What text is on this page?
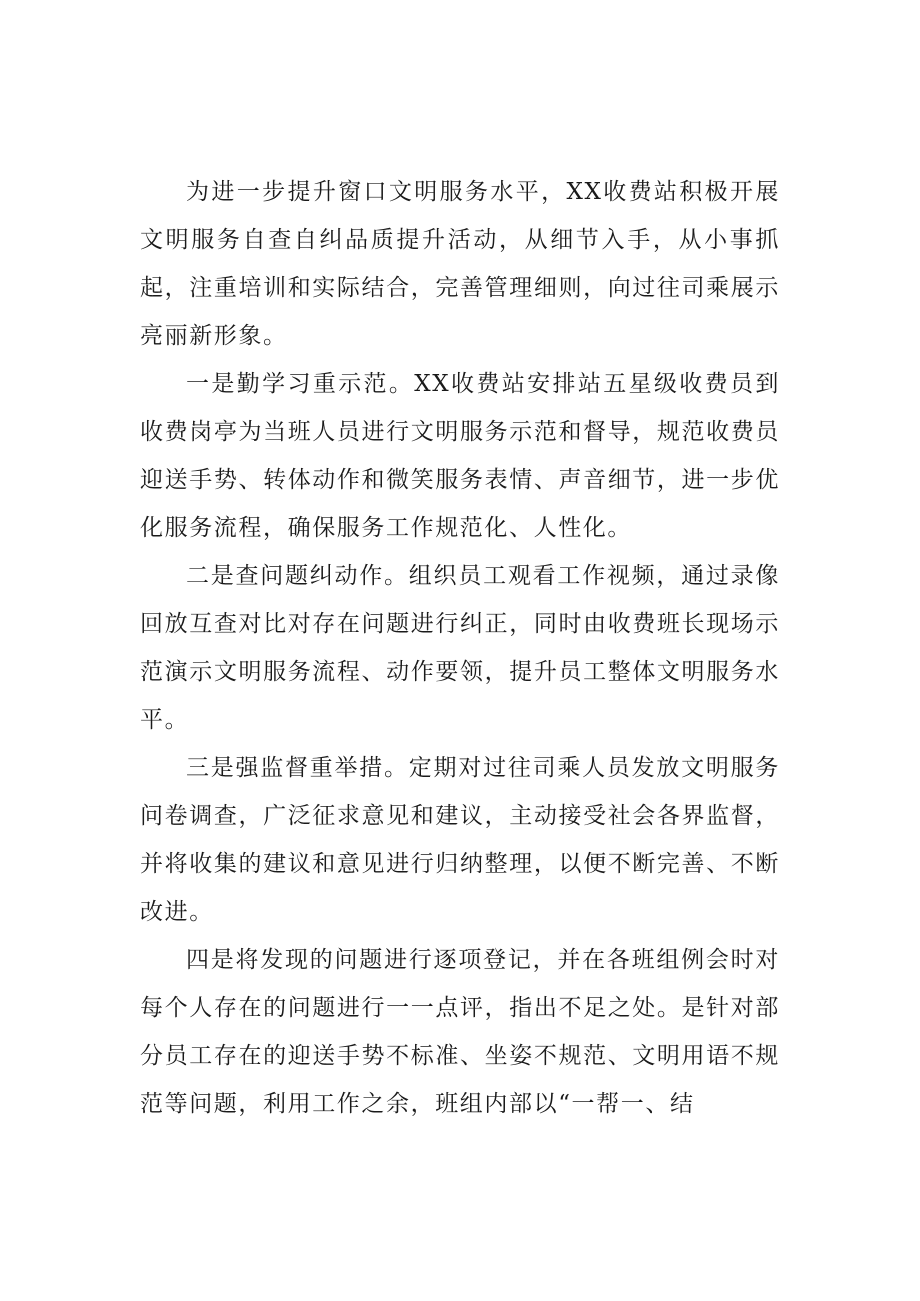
为进一步提升窗口文明服务水平，XX收费站积极开展文明服务自查自纠品质提升活动，从细节入手，从小事抓起，注重培训和实际结合，完善管理细则，向过往司乘展示亮丽新形象。

一是勤学习重示范。XX收费站安排站五星级收费员到收费岗亭为当班人员进行文明服务示范和督导，规范收费员迎送手势、转体动作和微笑服务表情、声音细节，进一步优化服务流程，确保服务工作规范化、人性化。

二是查问题纠动作。组织员工观看工作视频，通过录像回放互查对比对存在问题进行纠正，同时由收费班长现场示范演示文明服务流程、动作要领，提升员工整体文明服务水平。

三是强监督重举措。定期对过往司乘人员发放文明服务问卷调查，广泛征求意见和建议，主动接受社会各界监督，并将收集的建议和意见进行归纳整理，以便不断完善、不断改进。

四是将发现的问题进行逐项登记，并在各班组例会时对每个人存在的问题进行一一点评，指出不足之处。是针对部分员工存在的迎送手势不标准、坐姿不规范、文明用语不规范等问题，利用工作之余，班组内部以“一帮一、结
